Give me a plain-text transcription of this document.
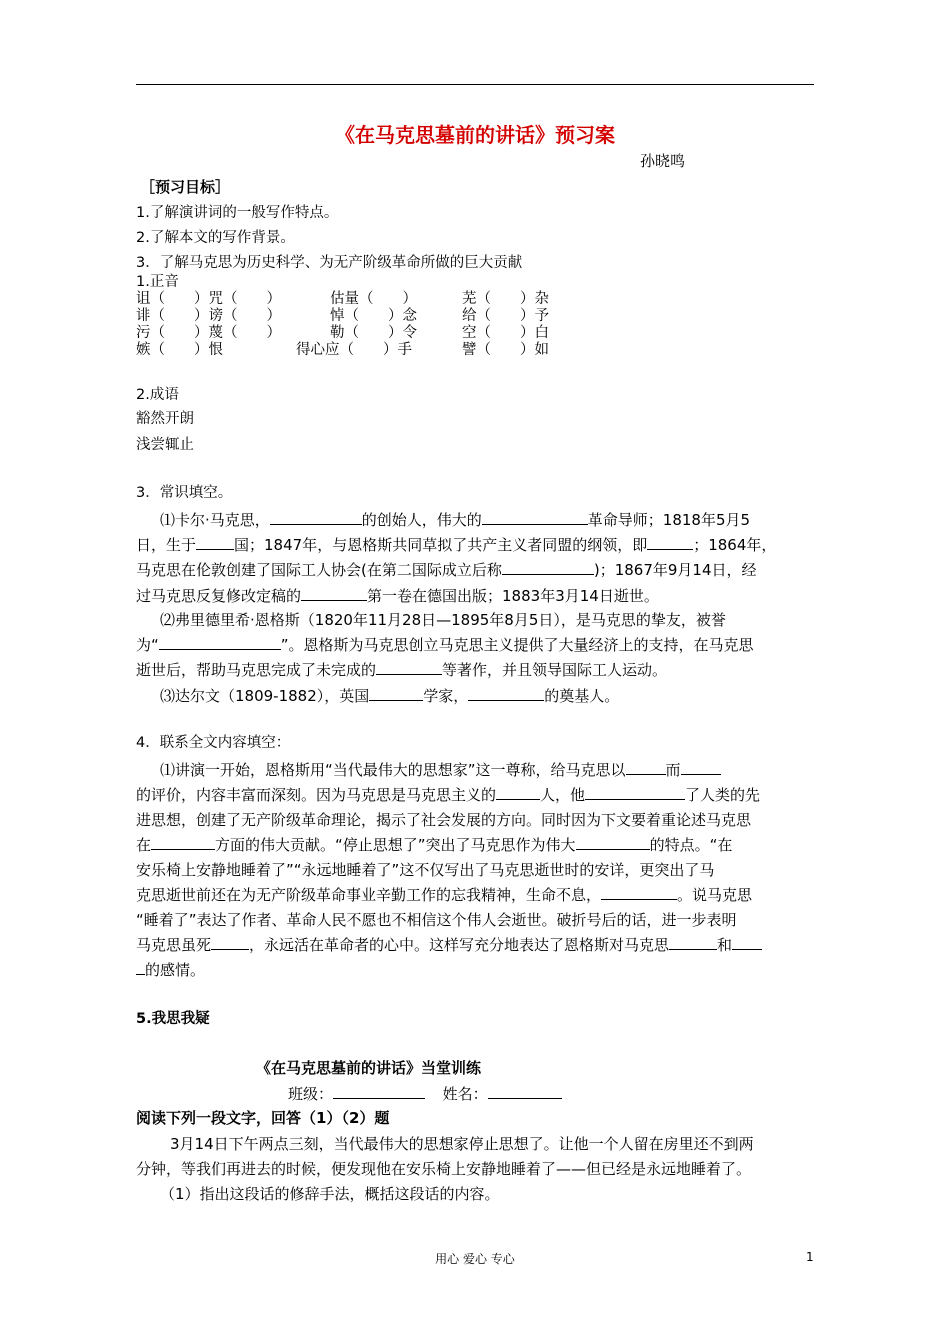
《在马克思墓前的讲话》预习案
孙晓鸣
［预习目标］
1.了解演讲词的一般写作特点。
2.了解本文的写作背景。
3．了解马克思为历史科学、为无产阶级革命所做的巨大贡献
1.正音
诅（　　）咒（　　）	估量（　　）	芜（　　）杂
诽（　　）谤（　　）	悼（　　）念	给（　　）予
污（　　）蔑（　　）	勒（　　）令	空（　　）白
嫉（　　）恨	得心应（　　）手	譬（　　）如
2.成语
豁然开朗
浅尝辄止
3．常识填空。
⑴卡尔·马克思，	的创始人，伟大的	革命导师；1818年5月5
日，生于	国；1847年，与恩格斯共同草拟了共产主义者同盟的纲领，即	；1864年，
马克思在伦敦创建了国际工人协会(在第二国际成立后称	)；1867年9月14日，经
过马克思反复修改定稿的	第一卷在德国出版；1883年3月14日逝世。
⑵弗里德里希·恩格斯（1820年11月28日—1895年8月5日），是马克思的挚友，被誉
为“	”。恩格斯为马克思创立马克思主义提供了大量经济上的支持，在马克思
逝世后，帮助马克思完成了未完成的	等著作，并且领导国际工人运动。
⑶达尔文（1809-1882），英国	学家，	的奠基人。
4．联系全文内容填空：
⑴讲演一开始，恩格斯用“当代最伟大的思想家”这一尊称，给马克思以	而
的评价，内容丰富而深刻。因为马克思是马克思主义的	人，他	了人类的先
进思想，创建了无产阶级革命理论，揭示了社会发展的方向。同时因为下文要着重论述马克思
在	方面的伟大贡献。“停止思想了”突出了马克思作为伟大	的特点。“在
安乐椅上安静地睡着了”“永远地睡着了”这不仅写出了马克思逝世时的安详，更突出了马
克思逝世前还在为无产阶级革命事业辛勤工作的忘我精神，生命不息，	。说马克思
“睡着了”表达了作者、革命人民不愿也不相信这个伟人会逝世。破折号后的话，进一步表明
马克思虽死	，永远活在革命者的心中。这样写充分地表达了恩格斯对马克思	和
的感情。
5.我思我疑
《在马克思墓前的讲话》当堂训练
班级：	姓名：
阅读下列一段文字，回答（1）（2）题
3月14日下午两点三刻，当代最伟大的思想家停止思想了。让他一个人留在房里还不到两
分钟，等我们再进去的时候，便发现他在安乐椅上安静地睡着了——但已经是永远地睡着了。
（1）指出这段话的修辞手法，概括这段话的内容。
用心 爱心 专心	1
